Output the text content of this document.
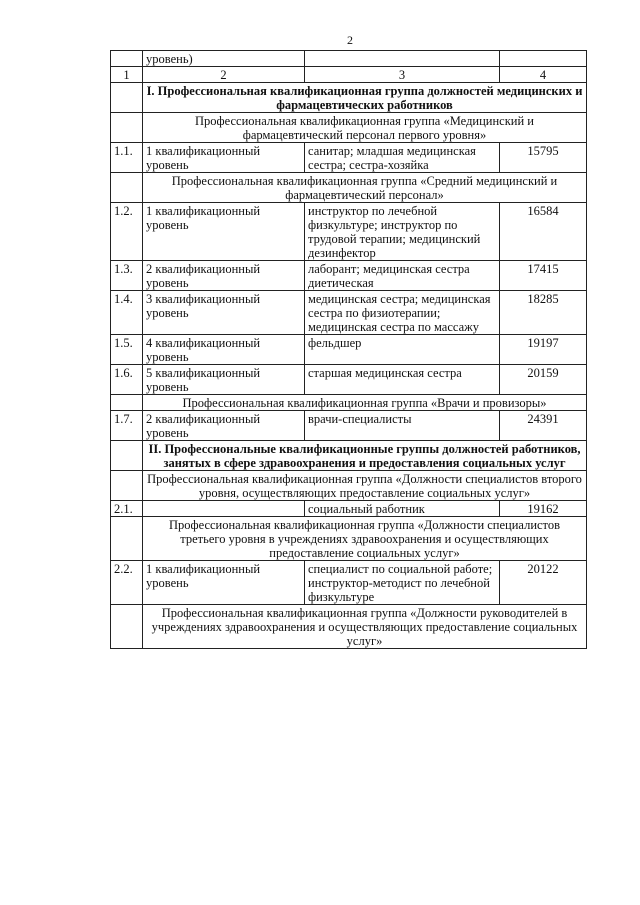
2
	уровень)		
1	2	3	4
	I. Профессиональная квалификационная группа должностей медицинских и фармацевтических работников		
	Профессиональная квалификационная группа «Медицинский и фармацевтический персонал первого уровня»		
1.1.	1 квалификационный уровень	санитар; младшая медицинская сестра; сестра-хозяйка	15795
	Профессиональная квалификационная группа «Средний медицинский и фармацевтический персонал»		
1.2.	1 квалификационный уровень	инструктор по лечебной физкультуре; инструктор по трудовой терапии; медицинский дезинфектор	16584
1.3.	2 квалификационный уровень	лаборант; медицинская сестра диетическая	17415
1.4.	3 квалификационный уровень	медицинская сестра; медицинская сестра по физиотерапии; медицинская сестра по массажу	18285
1.5.	4 квалификационный уровень	фельдшер	19197
1.6.	5 квалификационный уровень	старшая медицинская сестра	20159
	Профессиональная квалификационная группа «Врачи и провизоры»		
1.7.	2 квалификационный уровень	врачи-специалисты	24391
	II. Профессиональные квалификационные группы должностей работников, занятых в сфере здравоохранения и предоставления социальных услуг		
	Профессиональная квалификационная группа «Должности специалистов второго уровня, осуществляющих предоставление социальных услуг»		
2.1.		социальный работник	19162
	Профессиональная квалификационная группа «Должности специалистов третьего уровня в учреждениях здравоохранения и осуществляющих предоставление социальных услуг»		
2.2.	1 квалификационный уровень	специалист по социальной работе; инструктор-методист по лечебной физкультуре	20122
	Профессиональная квалификационная группа «Должности руководителей в учреждениях здравоохранения и осуществляющих предоставление социальных услуг»		
